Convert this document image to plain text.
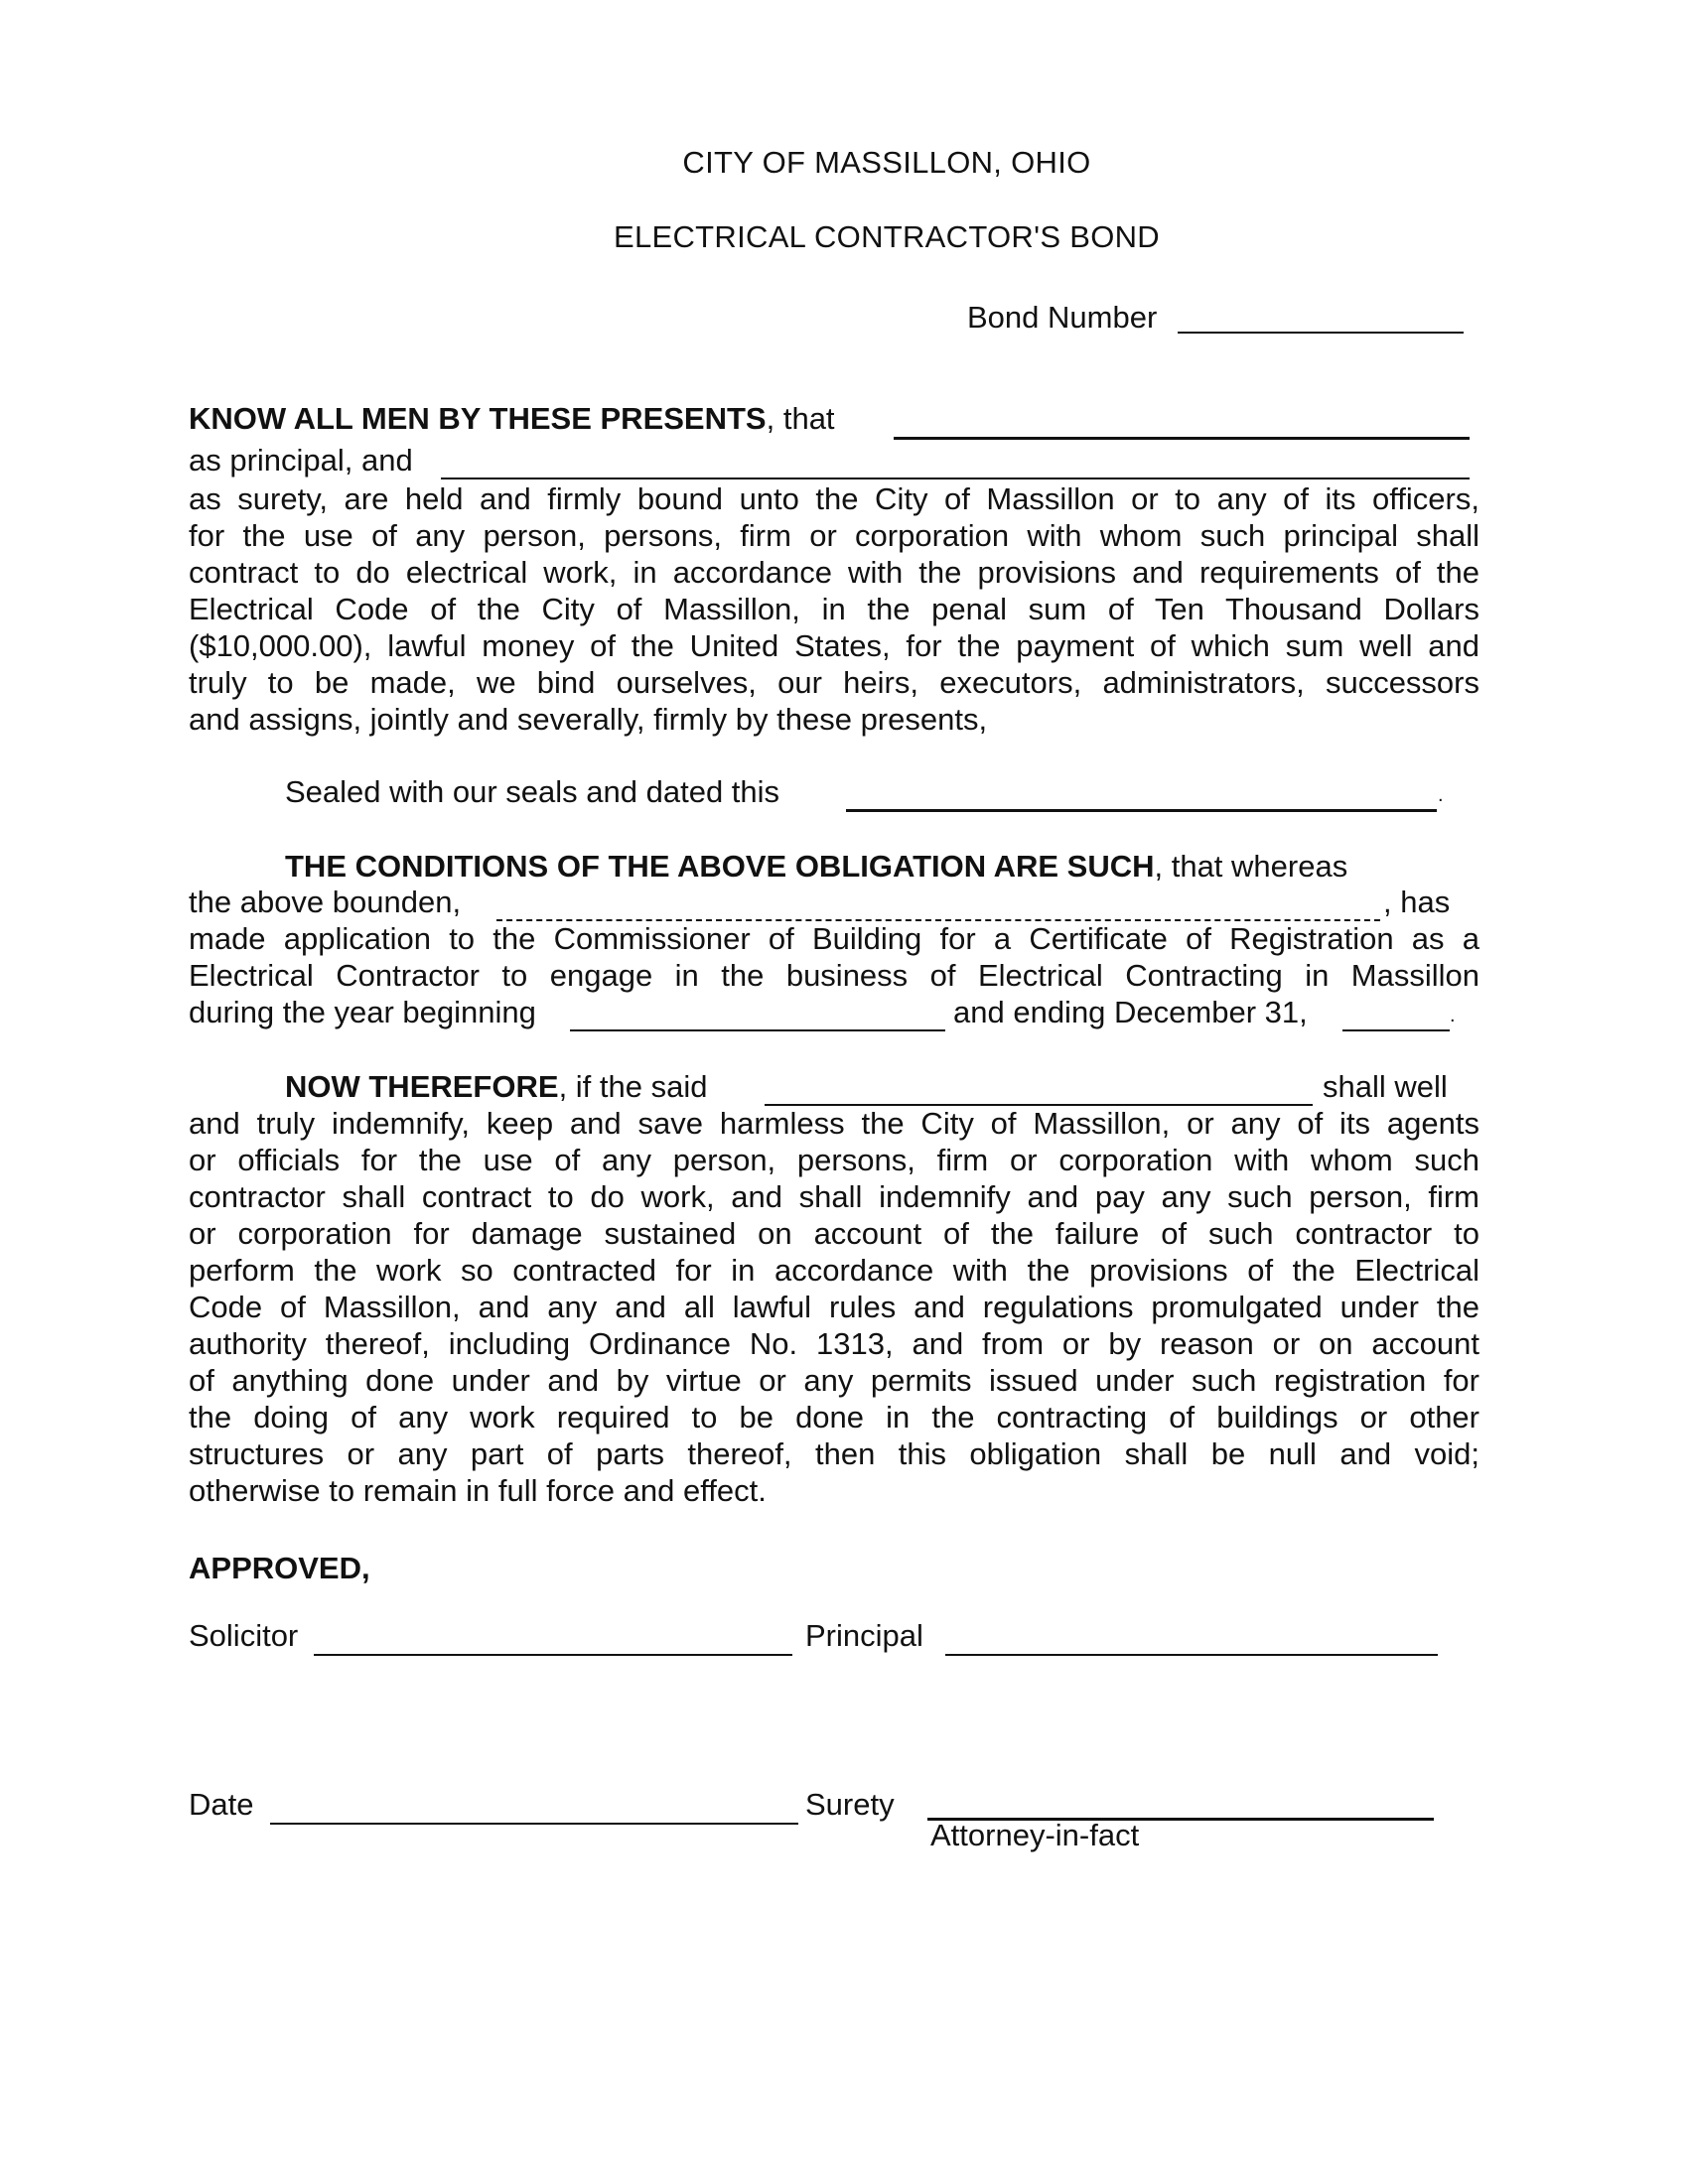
CITY OF MASSILLON, OHIO
ELECTRICAL CONTRACTOR'S BOND
Bond Number
KNOW ALL MEN BY THESE PRESENTS, that
as principal, and
as surety, are held and firmly bound unto the City of Massillon or to any of its officers,
for the use of any person, persons, firm or corporation with whom such principal shall
contract to do electrical work, in accordance with the provisions and requirements of the
Electrical Code of the City of Massillon, in the penal sum of Ten Thousand Dollars
($10,000.00), lawful money of the United States, for the payment of which sum well and
truly to be made, we bind ourselves, our heirs, executors, administrators, successors
and assigns, jointly and severally, firmly by these presents,
Sealed with our seals and dated this	.
THE CONDITIONS OF THE ABOVE OBLIGATION ARE SUCH, that whereas
the above bounden,	, has
made application to the Commissioner of Building for a Certificate of Registration as a
Electrical Contractor to engage in the business of Electrical Contracting in Massillon
during the year beginning	and ending December 31,	.
NOW THEREFORE, if the said	shall well
and truly indemnify, keep and save harmless the City of Massillon, or any of its agents
or officials for the use of any person, persons, firm or corporation with whom such
contractor shall contract to do work, and shall indemnify and pay any such person, firm
or corporation for damage sustained on account of the failure of such contractor to
perform the work so contracted for in accordance with the provisions of the Electrical
Code of Massillon, and any and all lawful rules and regulations promulgated under the
authority thereof, including Ordinance No. 1313, and from or by reason or on account
of anything done under and by virtue or any permits issued under such registration for
the doing of any work required to be done in the contracting of buildings or other
structures or any part of parts thereof, then this obligation shall be null and void;
otherwise to remain in full force and effect.
APPROVED,
Solicitor	Principal
Date	Surety
Attorney-in-fact
